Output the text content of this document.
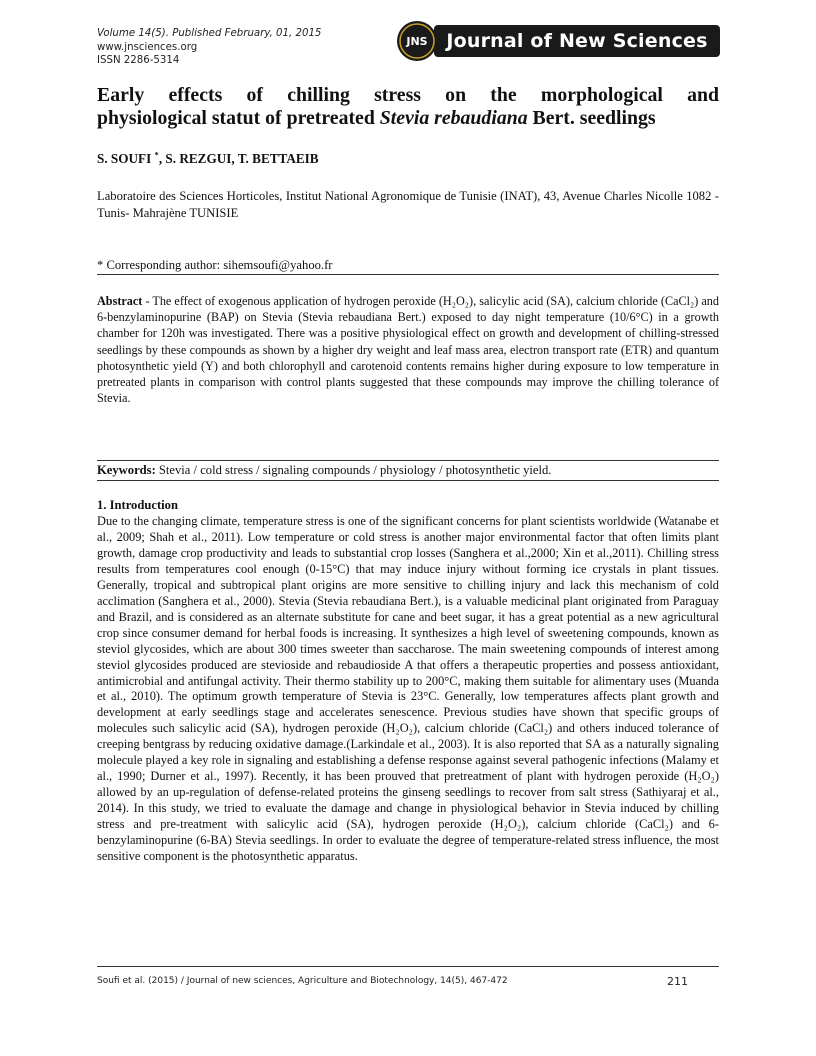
Volume 14(5). Published February, 01, 2015
www.jnsciences.org
ISSN 2286-5314
Journal of New Sciences
JNS
Early effects of chilling stress on the morphological and
physiological statut of pretreated Stevia rebaudiana Bert. seedlings
S. SOUFI *, S. REZGUI, T. BETTAEIB
Laboratoire des Sciences Horticoles, Institut National Agronomique de Tunisie (INAT), 43, Avenue Charles Nicolle 1082 -Tunis- Mahrajène TUNISIE
* Corresponding author: sihemsoufi@yahoo.fr

Abstract - The effect of exogenous application of hydrogen peroxide (H₂O₂), salicylic acid (SA), calcium chloride (CaCl₂) and 6-benzylaminopurine (BAP) on Stevia (Stevia rebaudiana Bert.) exposed to day night temperature (10/6°C) in a growth chamber for 120h was investigated. There was a positive physiological effect on growth and development of chilling-stressed seedlings by these compounds as shown by a higher dry weight and leaf mass area, electron transport rate (ETR) and quantum photosynthetic yield (Y) and both chlorophyll and carotenoid contents remains higher during exposure to low temperature in pretreated plants in comparison with control plants suggested that these compounds may improve the chilling tolerance of Stevia.

Keywords: Stevia / cold stress / signaling compounds / physiology / photosynthetic yield.
1. Introduction

Due to the changing climate, temperature stress is one of the significant concerns for plant scientists worldwide (Watanabe et al., 2009; Shah et al., 2011). Low temperature or cold stress is another major environmental factor that often limits plant growth, damage crop productivity and leads to substantial crop losses (Sanghera et al.,2000; Xin et al.,2011). Chilling stress results from temperatures cool enough (0-15°C) that may induce injury without forming ice crystals in plant tissues. Generally, tropical and subtropical plant origins are more sensitive to chilling injury and lack this mechanism of cold acclimation (Sanghera et al., 2000). Stevia (Stevia rebaudiana Bert.), is a valuable medicinal plant originated from Paraguay and Brazil, and is considered as an alternate substitute for cane and beet sugar, it has a great potential as a new agricultural crop since consumer demand for herbal foods is increasing. It synthesizes a high level of sweetening compounds, known as steviol glycosides, which are about 300 times sweeter than saccharose. The main sweetening compounds of interest among steviol glycosides produced are stevioside and rebaudioside A that offers a therapeutic properties and possess antioxidant, antimicrobial and antifungal activity. Their thermo stability up to 200°C, making them suitable for alimentary uses (Muanda et al., 2010). The optimum growth temperature of Stevia is 23°C. Generally, low temperatures affects plant growth and development at early seedlings stage and accelerates senescence. Previous studies have shown that specific groups of molecules such salicylic acid (SA), hydrogen peroxide (H₂O₂), calcium chloride (CaCl₂) and others induced tolerance of creeping bentgrass by reducing oxidative damage.(Larkindale et al., 2003). It is also reported that SA as a naturally signaling molecule played a key role in signaling and establishing a defense response against several pathogenic infections (Malamy et al., 1990; Durner et al., 1997). Recently, it has been prouved that pretreatment of plant with hydrogen peroxide (H₂O₂) allowed by an up-regulation of defense-related proteins the ginseng seedlings to recover from salt stress (Sathiyaraj et al., 2014). In this study, we tried to evaluate the damage and change in physiological behavior in Stevia induced by chilling stress and pre-treatment with salicylic acid (SA), hydrogen peroxide (H₂O₂), calcium chloride (CaCl₂) and 6-benzylaminopurine (6-BA) Stevia seedlings. In order to evaluate the degree of temperature-related stress influence, the most sensitive component is the photosynthetic apparatus.

Soufi et al. (2015) / Journal of new sciences, Agriculture and Biotechnology, 14(5), 467-472	211
